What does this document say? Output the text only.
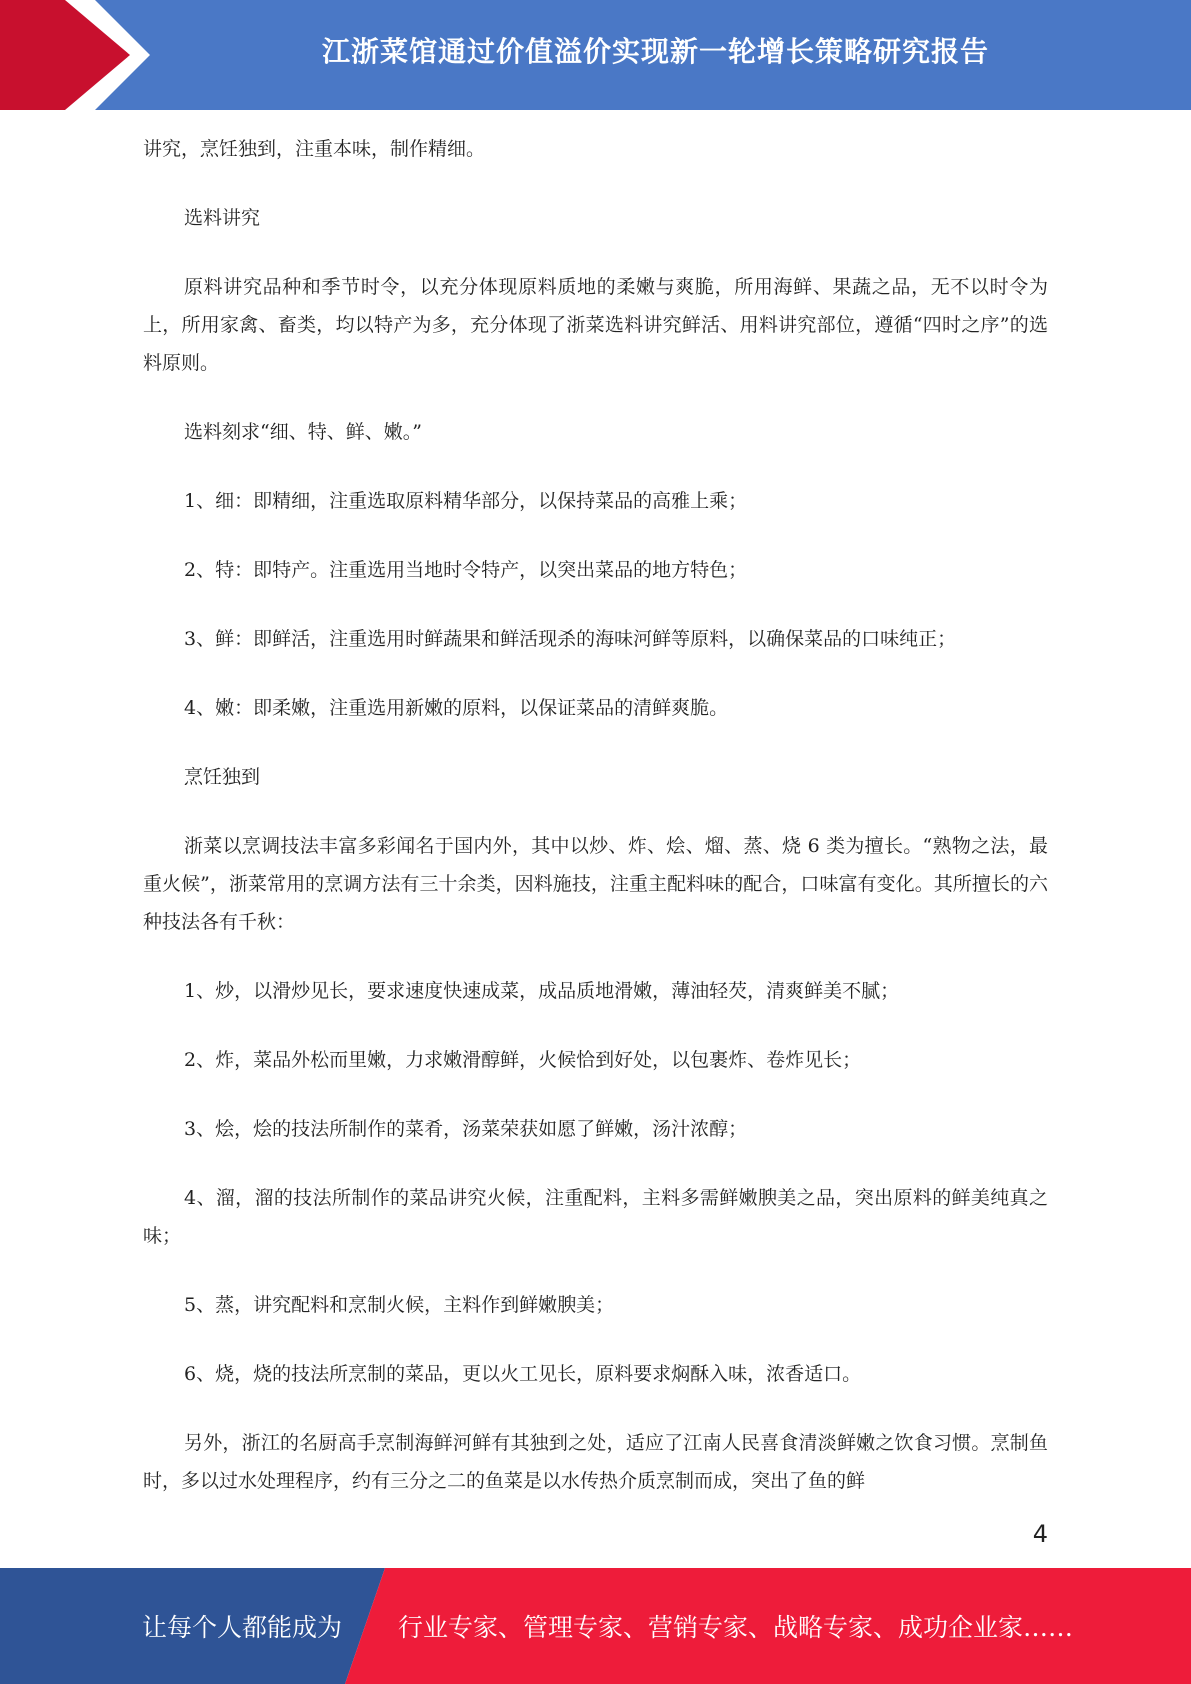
江浙菜馆通过价值溢价实现新一轮增长策略研究报告

讲究，烹饪独到，注重本味，制作精细。

选料讲究

原料讲究品种和季节时令，以充分体现原料质地的柔嫩与爽脆，所用海鲜、果蔬之品，无不以时令为上，所用家禽、畜类，均以特产为多，充分体现了浙菜选料讲究鲜活、用料讲究部位，遵循“四时之序”的选料原则。

选料刻求“细、特、鲜、嫩。”

1、细：即精细，注重选取原料精华部分，以保持菜品的高雅上乘；

2、特：即特产。注重选用当地时令特产，以突出菜品的地方特色；

3、鲜：即鲜活，注重选用时鲜蔬果和鲜活现杀的海味河鲜等原料，以确保菜品的口味纯正；

4、嫩：即柔嫩，注重选用新嫩的原料，以保证菜品的清鲜爽脆。

烹饪独到

浙菜以烹调技法丰富多彩闻名于国内外，其中以炒、炸、烩、熘、蒸、烧 6 类为擅长。“熟物之法，最重火候”，浙菜常用的烹调方法有三十余类，因料施技，注重主配料味的配合，口味富有变化。其所擅长的六种技法各有千秋：

1、炒，以滑炒见长，要求速度快速成菜，成品质地滑嫩，薄油轻芡，清爽鲜美不腻；

2、炸，菜品外松而里嫩，力求嫩滑醇鲜，火候恰到好处，以包裹炸、卷炸见长；

3、烩，烩的技法所制作的菜肴，汤菜荣获如愿了鲜嫩，汤汁浓醇；

4、溜，溜的技法所制作的菜品讲究火候，注重配料，主料多需鲜嫩腴美之品，突出原料的鲜美纯真之味；

5、蒸，讲究配料和烹制火候，主料作到鲜嫩腴美；

6、烧，烧的技法所烹制的菜品，更以火工见长，原料要求焖酥入味，浓香适口。

另外，浙江的名厨高手烹制海鲜河鲜有其独到之处，适应了江南人民喜食清淡鲜嫩之饮食习惯。烹制鱼时，多以过水处理程序，约有三分之二的鱼菜是以水传热介质烹制而成，突出了鱼的鲜

4
让每个人都能成为 行业专家、管理专家、营销专家、战略专家、成功企业家……
